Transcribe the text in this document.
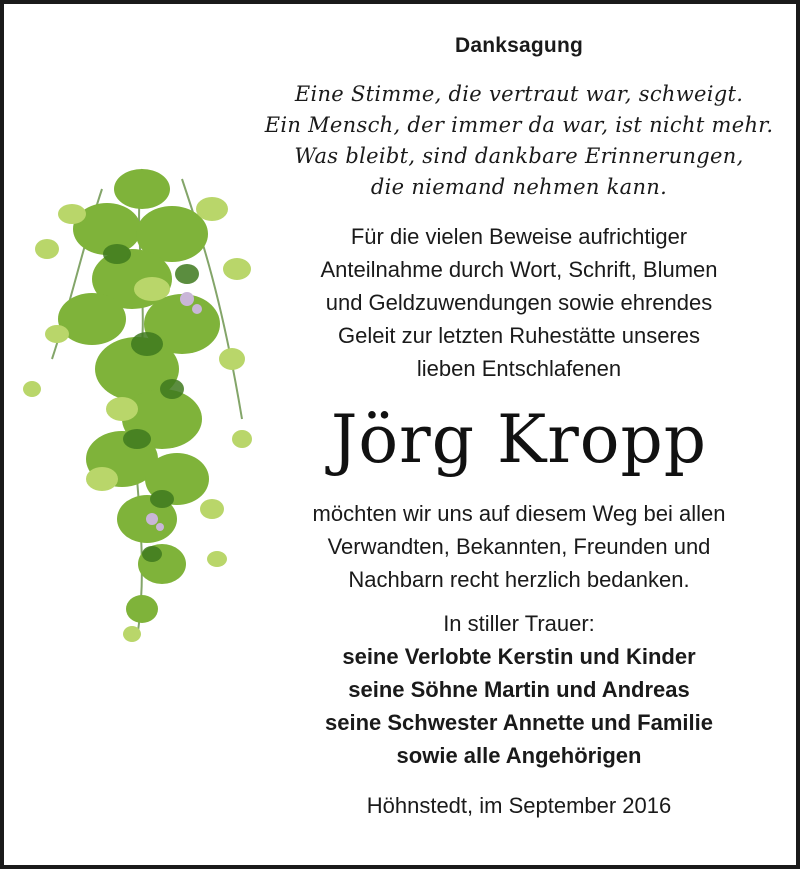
Danksagung
Eine Stimme, die vertraut war, schweigt.
Ein Mensch, der immer da war, ist nicht mehr.
Was bleibt, sind dankbare Erinnerungen,
die niemand nehmen kann.
Für die vielen Beweise aufrichtiger
Anteilnahme durch Wort, Schrift, Blumen
und Geldzuwendungen sowie ehrendes
Geleit zur letzten Ruhestätte unseres
lieben Entschlafenen
Jörg Kropp
möchten wir uns auf diesem Weg bei allen
Verwandten, Bekannten, Freunden und
Nachbarn recht herzlich bedanken.
In stiller Trauer:
seine Verlobte Kerstin und Kinder
seine Söhne Martin und Andreas
seine Schwester Annette und Familie
sowie alle Angehörigen
Höhnstedt, im September 2016
